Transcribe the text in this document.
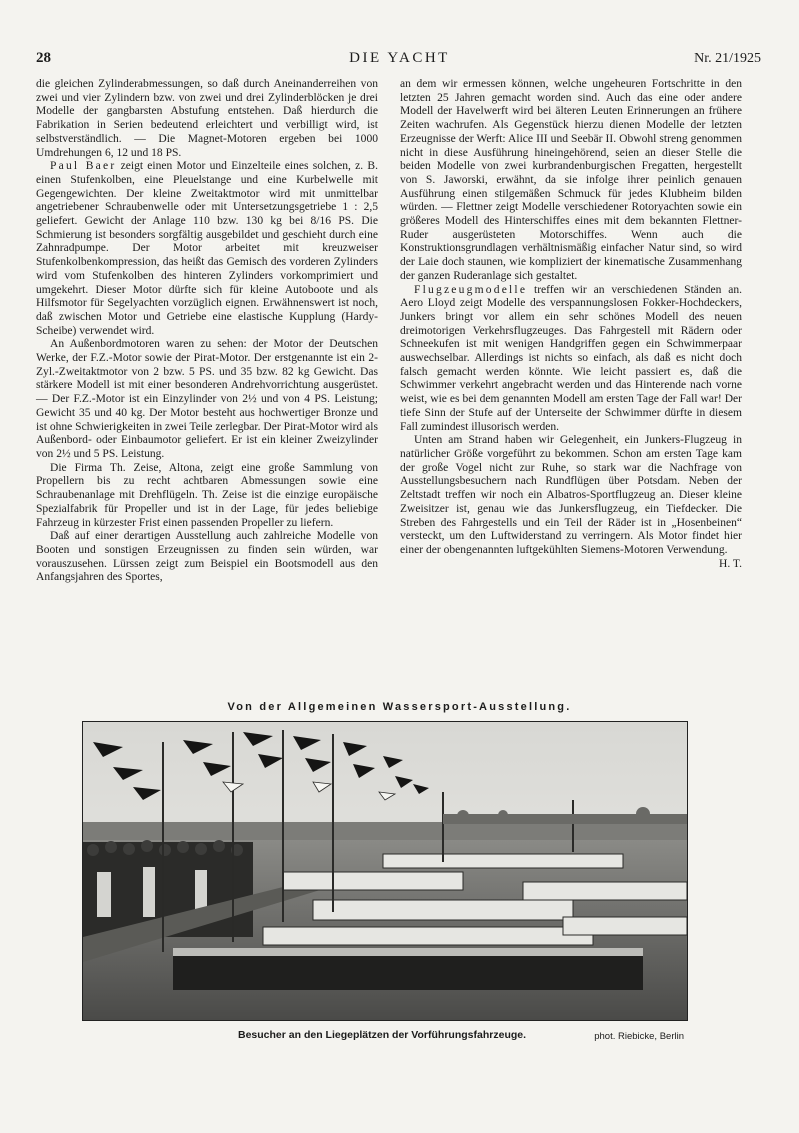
28	DIE YACHT	Nr. 21/1925

die gleichen Zylinderabmessungen, so daß durch Aneinanderreihen von zwei und vier Zylindern bzw. von zwei und drei Zylinderblöcken je drei Modelle der gangbarsten Abstufung entstehen. Daß hierdurch die Fabrikation in Serien bedeutend erleichtert und verbilligt wird, ist selbstverständlich. — Die Magnet-Motoren ergeben bei 1000 Umdrehungen 6, 12 und 18 PS.

Paul Baer zeigt einen Motor und Einzelteile eines solchen, z. B. einen Stufenkolben, eine Pleuelstange und eine Kurbelwelle mit Gegengewichten. Der kleine Zweitaktmotor wird mit unmittelbar angetriebener Schraubenwelle oder mit Untersetzungsgetriebe 1 : 2,5 geliefert. Gewicht der Anlage 110 bzw. 130 kg bei 8/16 PS. Die Schmierung ist besonders sorgfältig ausgebildet und geschieht durch eine Zahnradpumpe. Der Motor arbeitet mit kreuzweiser Stufenkolbenkompression, das heißt das Gemisch des vorderen Zylinders wird vom Stufenkolben des hinteren Zylinders vorkomprimiert und umgekehrt. Dieser Motor dürfte sich für kleine Autoboote und als Hilfsmotor für Segelyachten vorzüglich eignen. Erwähnenswert ist noch, daß zwischen Motor und Getriebe eine elastische Kupplung (Hardy-Scheibe) verwendet wird.

An Außenbordmotoren waren zu sehen: der Motor der Deutschen Werke, der F.Z.-Motor sowie der Pirat-Motor. Der erstgenannte ist ein 2-Zyl.-Zweitaktmotor von 2 bzw. 5 PS. und 35 bzw. 82 kg Gewicht. Das stärkere Modell ist mit einer besonderen Andrehvorrichtung ausgerüstet. — Der F.Z.-Motor ist ein Einzylinder von 2½ und von 4 PS. Leistung; Gewicht 35 und 40 kg. Der Motor besteht aus hochwertiger Bronze und ist ohne Schwierigkeiten in zwei Teile zerlegbar. Der Pirat-Motor wird als Außenbord- oder Einbaumotor geliefert. Er ist ein kleiner Zweizylinder von 2½ und 5 PS. Leistung.

Die Firma Th. Zeise, Altona, zeigt eine große Sammlung von Propellern bis zu recht achtbaren Abmessungen sowie eine Schraubenanlage mit Drehflügeln. Th. Zeise ist die einzige europäische Spezialfabrik für Propeller und ist in der Lage, für jedes beliebige Fahrzeug in kürzester Frist einen passenden Propeller zu liefern.

Daß auf einer derartigen Ausstellung auch zahlreiche Modelle von Booten und sonstigen Erzeugnissen zu finden sein würden, war vorauszusehen. Lürssen zeigt zum Beispiel ein Bootsmodell aus den Anfangsjahren des Sportes,

an dem wir ermessen können, welche ungeheuren Fortschritte in den letzten 25 Jahren gemacht worden sind. Auch das eine oder andere Modell der Havelwerft wird bei älteren Leuten Erinnerungen an frühere Zeiten wachrufen. Als Gegenstück hierzu dienen Modelle der letzten Erzeugnisse der Werft: Alice III und Seebär II. Obwohl streng genommen nicht in diese Ausführung hineingehörend, seien an dieser Stelle die beiden Modelle von zwei kurbrandenburgischen Fregatten, hergestellt von S. Jaworski, erwähnt, da sie infolge ihrer peinlich genauen Ausführung einen stilgemäßen Schmuck für jedes Klubheim bilden würden. — Flettner zeigt Modelle verschiedener Rotoryachten sowie ein größeres Modell des Hinterschiffes eines mit dem bekannten Flettner-Ruder ausgerüsteten Motorschiffes. Wenn auch die Konstruktionsgrundlagen verhältnismäßig einfacher Natur sind, so wird der Laie doch staunen, wie kompliziert der kinematische Zusammenhang der ganzen Ruderanlage sich gestaltet.

Flugzeugmodelle treffen wir an verschiedenen Ständen an. Aero Lloyd zeigt Modelle des verspannungslosen Fokker-Hochdeckers, Junkers bringt vor allem ein sehr schönes Modell des neuen dreimotorigen Verkehrsflugzeuges. Das Fahrgestell mit Rädern oder Schneekufen ist mit wenigen Handgriffen gegen ein Schwimmerpaar auswechselbar. Allerdings ist nichts so einfach, als daß es nicht doch falsch gemacht werden könnte. Wie leicht passiert es, daß die Schwimmer verkehrt angebracht werden und das Hinterende nach vorne weist, wie es bei dem genannten Modell am ersten Tage der Fall war! Der tiefe Sinn der Stufe auf der Unterseite der Schwimmer dürfte in diesem Fall zumindest illusorisch werden.

Unten am Strand haben wir Gelegenheit, ein Junkers-Flugzeug in natürlicher Größe vorgeführt zu bekommen. Schon am ersten Tage kam der große Vogel nicht zur Ruhe, so stark war die Nachfrage von Ausstellungsbesuchern nach Rundflügen über Potsdam. Neben der Zeltstadt treffen wir noch ein Albatros-Sportflugzeug an. Dieser kleine Zweisitzer ist, genau wie das Junkersflugzeug, ein Tiefdecker. Die Streben des Fahrgestells und ein Teil der Räder ist in „Hosenbeinen“ versteckt, um den Luftwiderstand zu verringern. Als Motor findet hier einer der obengenannten luftgekühlten Siemens-Motoren Verwendung.

H. T.

Von der Allgemeinen Wassersport-Ausstellung.
Besucher an den Liegeplätzen der Vorführungsfahrzeuge.	phot. Riebicke, Berlin
